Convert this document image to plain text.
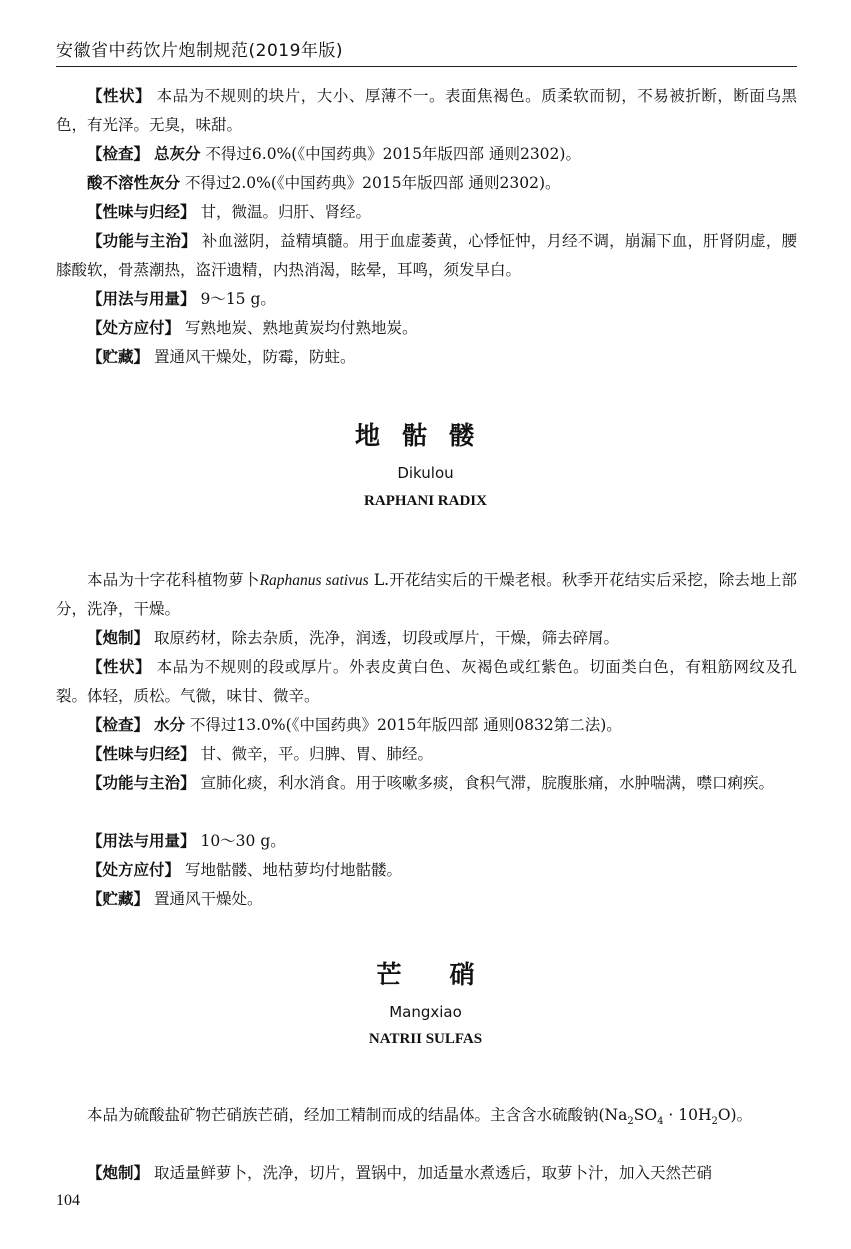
安徽省中药饮片炮制规范(2019年版)
【性状】 本品为不规则的块片，大小、厚薄不一。表面焦褐色。质柔软而韧，不易被折断，断面乌黑色，有光泽。无臭，味甜。
【检查】 总灰分 不得过6.0%(《中国药典》2015年版四部 通则2302)。
酸不溶性灰分 不得过2.0%(《中国药典》2015年版四部 通则2302)。
【性味与归经】 甘，微温。归肝、肾经。
【功能与主治】 补血滋阴，益精填髓。用于血虚萎黄，心悸怔忡，月经不调，崩漏下血，肝肾阴虚，腰膝酸软，骨蒸潮热，盗汗遗精，内热消渴，眩晕，耳鸣，须发早白。
【用法与用量】 9～15 g。
【处方应付】 写熟地炭、熟地黄炭均付熟地炭。
【贮藏】 置通风干燥处，防霉，防蛀。
地骷髅
Dikulou
RAPHANI RADIX
本品为十字花科植物萝卜Raphanus sativus L.开花结实后的干燥老根。秋季开花结实后采挖，除去地上部分，洗净，干燥。
【炮制】 取原药材，除去杂质，洗净，润透，切段或厚片，干燥，筛去碎屑。
【性状】 本品为不规则的段或厚片。外表皮黄白色、灰褐色或红紫色。切面类白色，有粗筋网纹及孔裂。体轻，质松。气微，味甘、微辛。
【检查】 水分 不得过13.0%(《中国药典》2015年版四部 通则0832第二法)。
【性味与归经】 甘、微辛，平。归脾、胃、肺经。
【功能与主治】 宣肺化痰，利水消食。用于咳嗽多痰，食积气滞，脘腹胀痛，水肿喘满，噤口痢疾。
【用法与用量】 10～30 g。
【处方应付】 写地骷髅、地枯萝均付地骷髅。
【贮藏】 置通风干燥处。
芒硝
Mangxiao
NATRII SULFAS
本品为硫酸盐矿物芒硝族芒硝，经加工精制而成的结晶体。主含含水硫酸钠$(Na_2SO_4 \cdot 10H_2O)$。
【炮制】 取适量鲜萝卜，洗净，切片，置锅中，加适量水煮透后，取萝卜汁，加入天然芒硝
104
